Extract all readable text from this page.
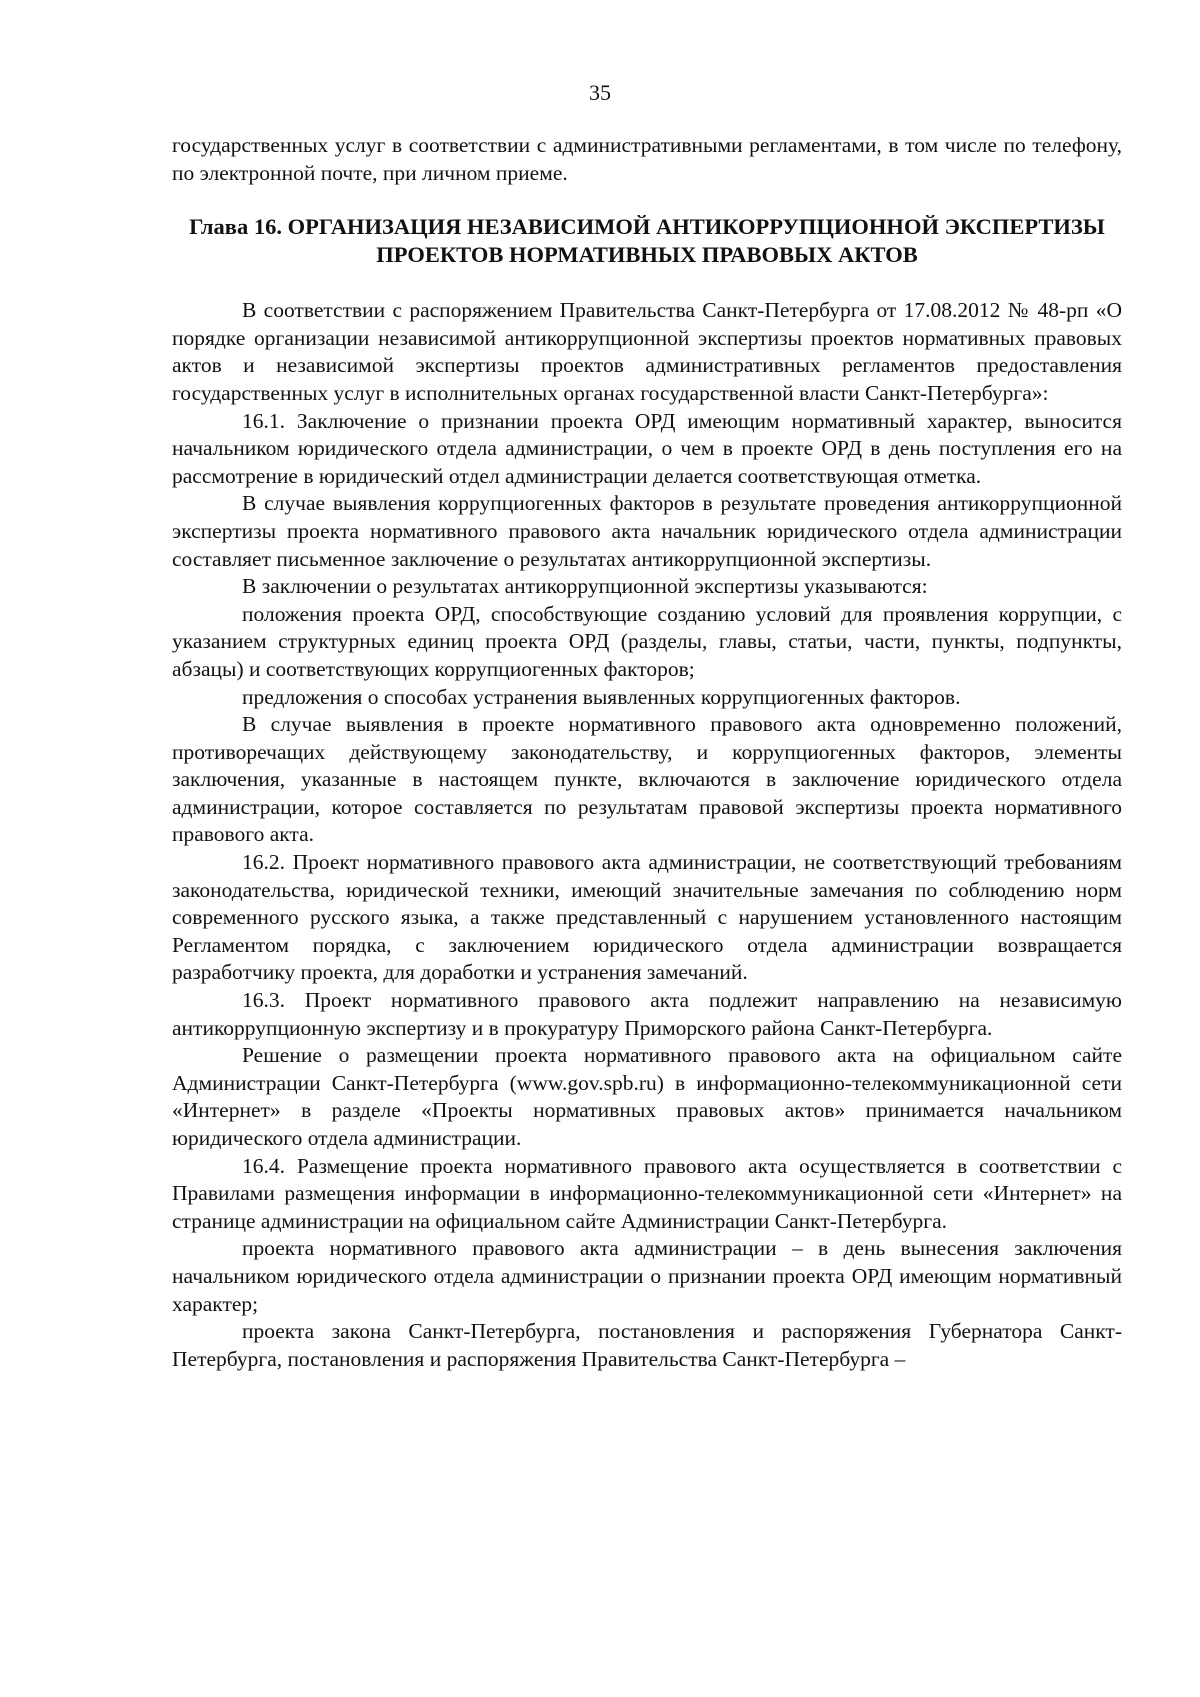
35

государственных услуг в соответствии с административными регламентами, в том числе по телефону, по электронной почте, при личном приеме.

Глава 16. ОРГАНИЗАЦИЯ НЕЗАВИСИМОЙ АНТИКОРРУПЦИОННОЙ ЭКСПЕРТИЗЫ ПРОЕКТОВ НОРМАТИВНЫХ ПРАВОВЫХ АКТОВ

В соответствии с распоряжением Правительства Санкт-Петербурга от 17.08.2012 № 48-рп «О порядке организации независимой антикоррупционной экспертизы проектов нормативных правовых актов и независимой экспертизы проектов административных регламентов предоставления государственных услуг в исполнительных органах государственной власти Санкт-Петербурга»:

16.1. Заключение о признании проекта ОРД имеющим нормативный характер, выносится начальником юридического отдела администрации, о чем в проекте ОРД в день поступления его на рассмотрение в юридический отдел администрации делается соответствующая отметка.

В случае выявления коррупциогенных факторов в результате проведения антикоррупционной экспертизы проекта нормативного правового акта начальник юридического отдела администрации составляет письменное заключение о результатах антикоррупционной экспертизы.

В заключении о результатах антикоррупционной экспертизы указываются:

положения проекта ОРД, способствующие созданию условий для проявления коррупции, с указанием структурных единиц проекта ОРД (разделы, главы, статьи, части, пункты, подпункты, абзацы) и соответствующих коррупциогенных факторов;

предложения о способах устранения выявленных коррупциогенных факторов.

В случае выявления в проекте нормативного правового акта одновременно положений, противоречащих действующему законодательству, и коррупциогенных факторов, элементы заключения, указанные в настоящем пункте, включаются в заключение юридического отдела администрации, которое составляется по результатам правовой экспертизы проекта нормативного правового акта.

16.2. Проект нормативного правового акта администрации, не соответствующий требованиям законодательства, юридической техники, имеющий значительные замечания по соблюдению норм современного русского языка, а также представленный с нарушением установленного настоящим Регламентом порядка, с заключением юридического отдела администрации возвращается разработчику проекта, для доработки и устранения замечаний.

16.3. Проект нормативного правового акта подлежит направлению на независимую антикоррупционную экспертизу и в прокуратуру Приморского района Санкт-Петербурга.

Решение о размещении проекта нормативного правового акта на официальном сайте Администрации Санкт-Петербурга (www.gov.spb.ru) в информационно-телекоммуникационной сети «Интернет» в разделе «Проекты нормативных правовых актов» принимается начальником юридического отдела администрации.

16.4. Размещение проекта нормативного правового акта осуществляется в соответствии с Правилами размещения информации в информационно-телекоммуникационной сети «Интернет» на странице администрации на официальном сайте Администрации Санкт-Петербурга.

проекта нормативного правового акта администрации – в день вынесения заключения начальником юридического отдела администрации о признании проекта ОРД имеющим нормативный характер;

проекта закона Санкт-Петербурга, постановления и распоряжения Губернатора Санкт-Петербурга, постановления и распоряжения Правительства Санкт-Петербурга –
